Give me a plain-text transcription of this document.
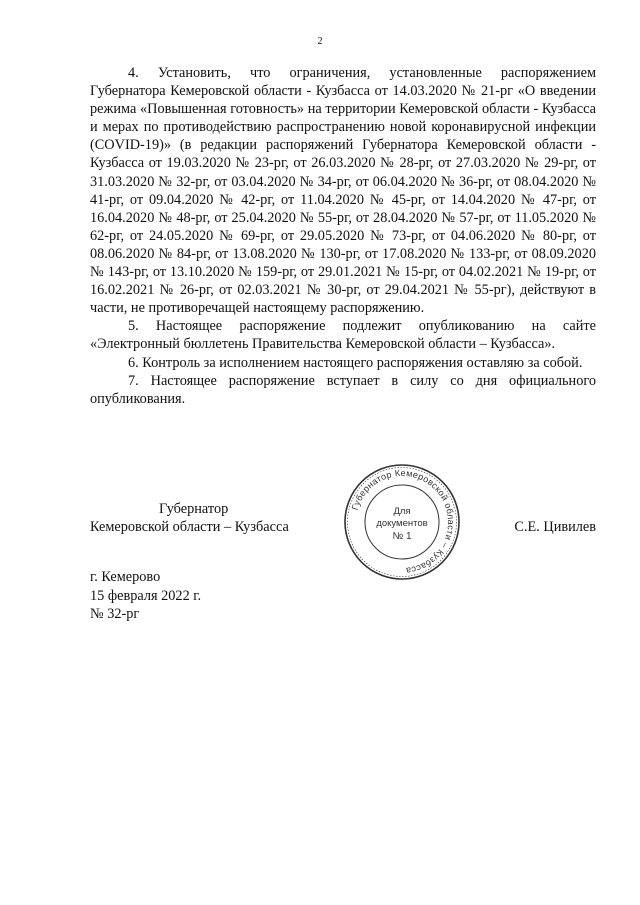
2

4. Установить, что ограничения, установленные распоряжением Губернатора Кемеровской области - Кузбасса от 14.03.2020 № 21-рг «О введении режима «Повышенная готовность» на территории Кемеровской области - Кузбасса и мерах по противодействию распространению новой коронавирусной инфекции (COVID-19)» (в редакции распоряжений Губернатора Кемеровской области - Кузбасса от 19.03.2020 № 23-рг, от 26.03.2020 № 28-рг, от 27.03.2020 № 29-рг, от 31.03.2020 № 32-рг, от 03.04.2020 № 34-рг, от 06.04.2020 № 36-рг, от 08.04.2020 № 41-рг, от 09.04.2020 № 42-рг, от 11.04.2020 № 45-рг, от 14.04.2020 № 47-рг, от 16.04.2020 № 48-рг, от 25.04.2020 № 55-рг, от 28.04.2020 № 57-рг, от 11.05.2020 № 62-рг, от 24.05.2020 № 69-рг, от 29.05.2020 № 73-рг, от 04.06.2020 № 80-рг, от 08.06.2020 № 84-рг, от 13.08.2020 № 130-рг, от 17.08.2020 № 133-рг, от 08.09.2020 № 143-рг, от 13.10.2020 № 159-рг, от 29.01.2021 № 15-рг, от 04.02.2021 № 19-рг, от 16.02.2021 № 26-рг, от 02.03.2021 № 30-рг, от 29.04.2021 № 55-рг), действуют в части, не противоречащей настоящему распоряжению.

5. Настоящее распоряжение подлежит опубликованию на сайте «Электронный бюллетень Правительства Кемеровской области – Кузбасса».

6. Контроль за исполнением настоящего распоряжения оставляю за собой.

7. Настоящее распоряжение вступает в силу со дня официального опубликования.

Губернатор
Кемеровской области – Кузбасса	С.Е. Цивилев
Губернатор Кемеровской области – Кузбасса
Для
документов
№ 1
г. Кемерово
15 февраля 2022 г.
№ 32-рг
